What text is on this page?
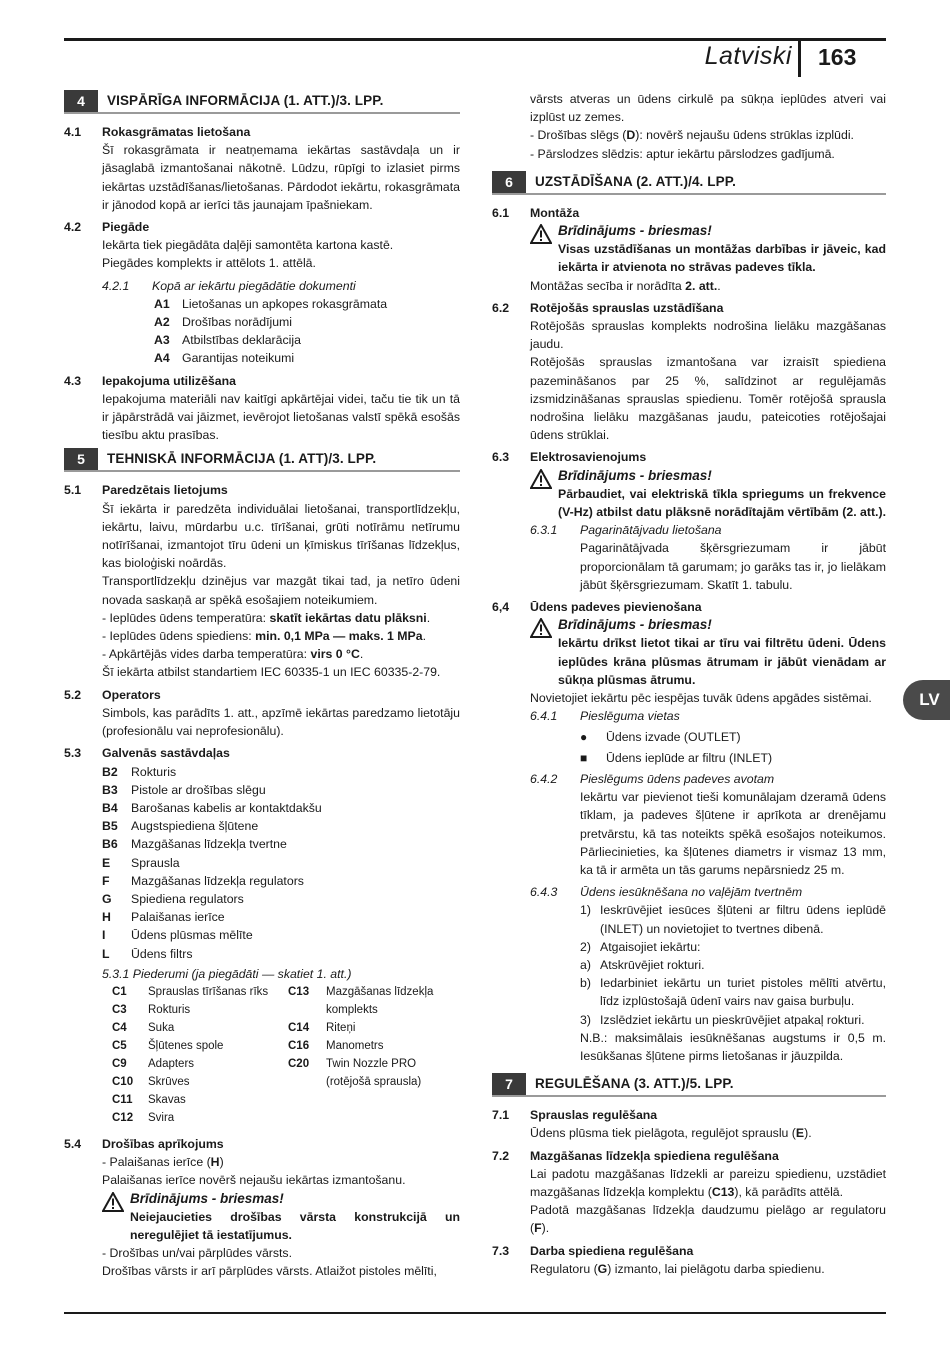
Latviski 163
LV
4	VISPĀRĪGA INFORMĀCIJA (1. ATT.)/3. LPP.
4.1	Rokasgrāmatas lietošana
Šī rokasgrāmata ir neatņemama iekārtas sastāvdaļa un ir jāsaglabā izmantošanai nākotnē. Lūdzu, rūpīgi to izlasiet pirms iekārtas uzstādīšanas/lietošanas. Pārdodot iekārtu, rokasgrāmata ir jānodod kopā ar ierīci tās jaunajam īpašniekam.
4.2	Piegāde
Iekārta tiek piegādāta daļēji samontēta kartona kastē.
Piegādes komplekts ir attēlots 1. attēlā.
4.2.1	Kopā ar iekārtu piegādātie dokumenti
A1 Lietošanas un apkopes rokasgrāmata
A2 Drošības norādījumi
A3 Atbilstības deklarācija
A4 Garantijas noteikumi
4.3	Iepakojuma utilizēšana
Iepakojuma materiāli nav kaitīgi apkārtējai videi, taču tie tik un tā ir jāpārstrādā vai jāizmet, ievērojot lietošanas valstī spēkā esošās tiesību aktu prasības.
5	TEHNISKĀ INFORMĀCIJA (1. ATT)/3. LPP.
5.1	Paredzētais lietojums
Šī iekārta ir paredzēta individuālai lietošanai, transportlīdzekļu, iekārtu, laivu, mūrdarbu u.c. tīrīšanai, grūti notīrāmu netīrumu notīrīšanai, izmantojot tīru ūdeni un ķīmiskus tīrīšanas līdzekļus, kas bioloģiski noārdās.
Transportlīdzekļu dzinējus var mazgāt tikai tad, ja netīro ūdeni novada saskaņā ar spēkā esošajiem noteikumiem.
- Ieplūdes ūdens temperatūra: skatīt iekārtas datu plāksni.
- Ieplūdes ūdens spiediens: min. 0,1 MPa — maks. 1 MPa.
- Apkārtējās vides darba temperatūra: virs 0 °C.
Šī iekārta atbilst standartiem IEC 60335-1 un IEC 60335-2-79.
5.2	Operators
Simbols, kas parādīts 1. att., apzīmē iekārtas paredzamo lietotāju (profesionālu vai neprofesionālu).
5.3	Galvenās sastāvdaļas
B2	Rokturis
B3	Pistole ar drošības slēgu
B4	Barošanas kabelis ar kontaktdakšu
B5	Augstspiediena šļūtene
B6	Mazgāšanas līdzekļa tvertne
E	Sprausla
F	Mazgāšanas līdzekļa regulators
G	Spiediena regulators
H	Palaišanas ierīce
I	Ūdens plūsmas mēlīte
L	Ūdens filtrs
5.3.1 Piederumi (ja piegādāti — skatiet 1. att.)
C1	Sprauslas tīrīšanas rīks	C13	Mazgāšanas līdzekļa
C3	Rokturis	komplekts
C4	Suka	C14	Riteņi
C5	Šļūtenes spole	C16	Manometrs
C9	Adapters	C20	Twin Nozzle PRO
C10	Skrūves	(rotējošā sprausla)
C11	Skavas
C12	Svira
5.4	Drošības aprīkojums
- Palaišanas ierīce (H)
Palaišanas ierīce novērš nejaušu iekārtas izmantošanu.
Brīdinājums - briesmas!
Neiejaucieties drošības vārsta konstrukcijā un neregulējiet tā iestatījumus.
- Drošības un/vai pārplūdes vārsts.
Drošības vārsts ir arī pārplūdes vārsts. Atlaižot pistoles mēlīti,
vārsts atveras un ūdens cirkulē pa sūkņa ieplūdes atveri vai izplūst uz zemes.
- Drošības slēgs (D): novērš nejaušu ūdens strūklas izplūdi.
- Pārslodzes slēdzis: aptur iekārtu pārslodzes gadījumā.
6	UZSTĀDĪŠANA (2. ATT.)/4. LPP.
6.1	Montāža
Brīdinājums - briesmas!
Visas uzstādīšanas un montāžas darbības ir jāveic, kad iekārta ir atvienota no strāvas padeves tīkla.
Montāžas secība ir norādīta 2. att..
6.2	Rotējošās sprauslas uzstādīšana
Rotējošās sprauslas komplekts nodrošina lielāku mazgāšanas jaudu.
Rotējošās sprauslas izmantošana var izraisīt spiediena pazemināšanos par 25 %, salīdzinot ar regulējamās izsmidzināšanas sprauslas spiedienu. Tomēr rotējošā sprausla nodrošina lielāku mazgāšanas jaudu, pateicoties rotējošajai ūdens strūklai.
6.3	Elektrosavienojums
Brīdinājums - briesmas!
Pārbaudiet, vai elektriskā tīkla spriegums un frekvence (V-Hz) atbilst datu plāksnē norādītajām vērtībām (2. att.).
6.3.1	Pagarinātājvadu lietošana
Pagarinātājvada šķērsgriezumam ir jābūt proporcionālam tā garumam; jo garāks tas ir, jo lielākam jābūt šķērsgriezumam. Skatīt 1. tabulu.
6,4	Ūdens padeves pievienošana
Brīdinājums - briesmas!
Iekārtu drīkst lietot tikai ar tīru vai filtrētu ūdeni. Ūdens ieplūdes krāna plūsmas ātrumam ir jābūt vienādam ar sūkņa plūsmas ātrumu.
Novietojiet iekārtu pēc iespējas tuvāk ūdens apgādes sistēmai.
6.4.1	Pieslēguma vietas
●	Ūdens izvade (OUTLET)
■	Ūdens ieplūde ar filtru (INLET)
6.4.2	Pieslēgums ūdens padeves avotam
Iekārtu var pievienot tieši komunālajam dzeramā ūdens tīklam, ja padeves šļūtene ir aprīkota ar drenējamu pretvārstu, kā tas noteikts spēkā esošajos noteikumos. Pārliecinieties, ka šļūtenes diametrs ir vismaz 13 mm, ka tā ir armēta un tās garums nepārsniedz 25 m.
6.4.3	Ūdens iesūknēšana no vaļējām tvertnēm
1) Ieskrūvējiet iesūces šļūteni ar filtru ūdens ieplūdē (INLET) un novietojiet to tvertnes dibenā.
2) Atgaisojiet iekārtu:
a) Atskrūvējiet rokturi.
b) Iedarbiniet iekārtu un turiet pistoles mēlīti atvērtu, līdz izplūstošajā ūdenī vairs nav gaisa burbuļu.
3) Izslēdziet iekārtu un pieskrūvējiet atpakaļ rokturi.
N.B.: maksimālais iesūknēšanas augstums ir 0,5 m. Iesūkšanas šļūtene pirms lietošanas ir jāuzpilda.
7	REGULĒŠANA (3. ATT.)/5. LPP.
7.1	Sprauslas regulēšana
Ūdens plūsma tiek pielāgota, regulējot sprauslu (E).
7.2	Mazgāšanas līdzekļa spiediena regulēšana
Lai padotu mazgāšanas līdzekli ar pareizu spiedienu, uzstādiet mazgāšanas līdzekļa komplektu (C13), kā parādīts attēlā.
Padotā mazgāšanas līdzekļa daudzumu pielāgo ar regulatoru (F).
7.3	Darba spiediena regulēšana
Regulatoru (G) izmanto, lai pielāgotu darba spiedienu.
